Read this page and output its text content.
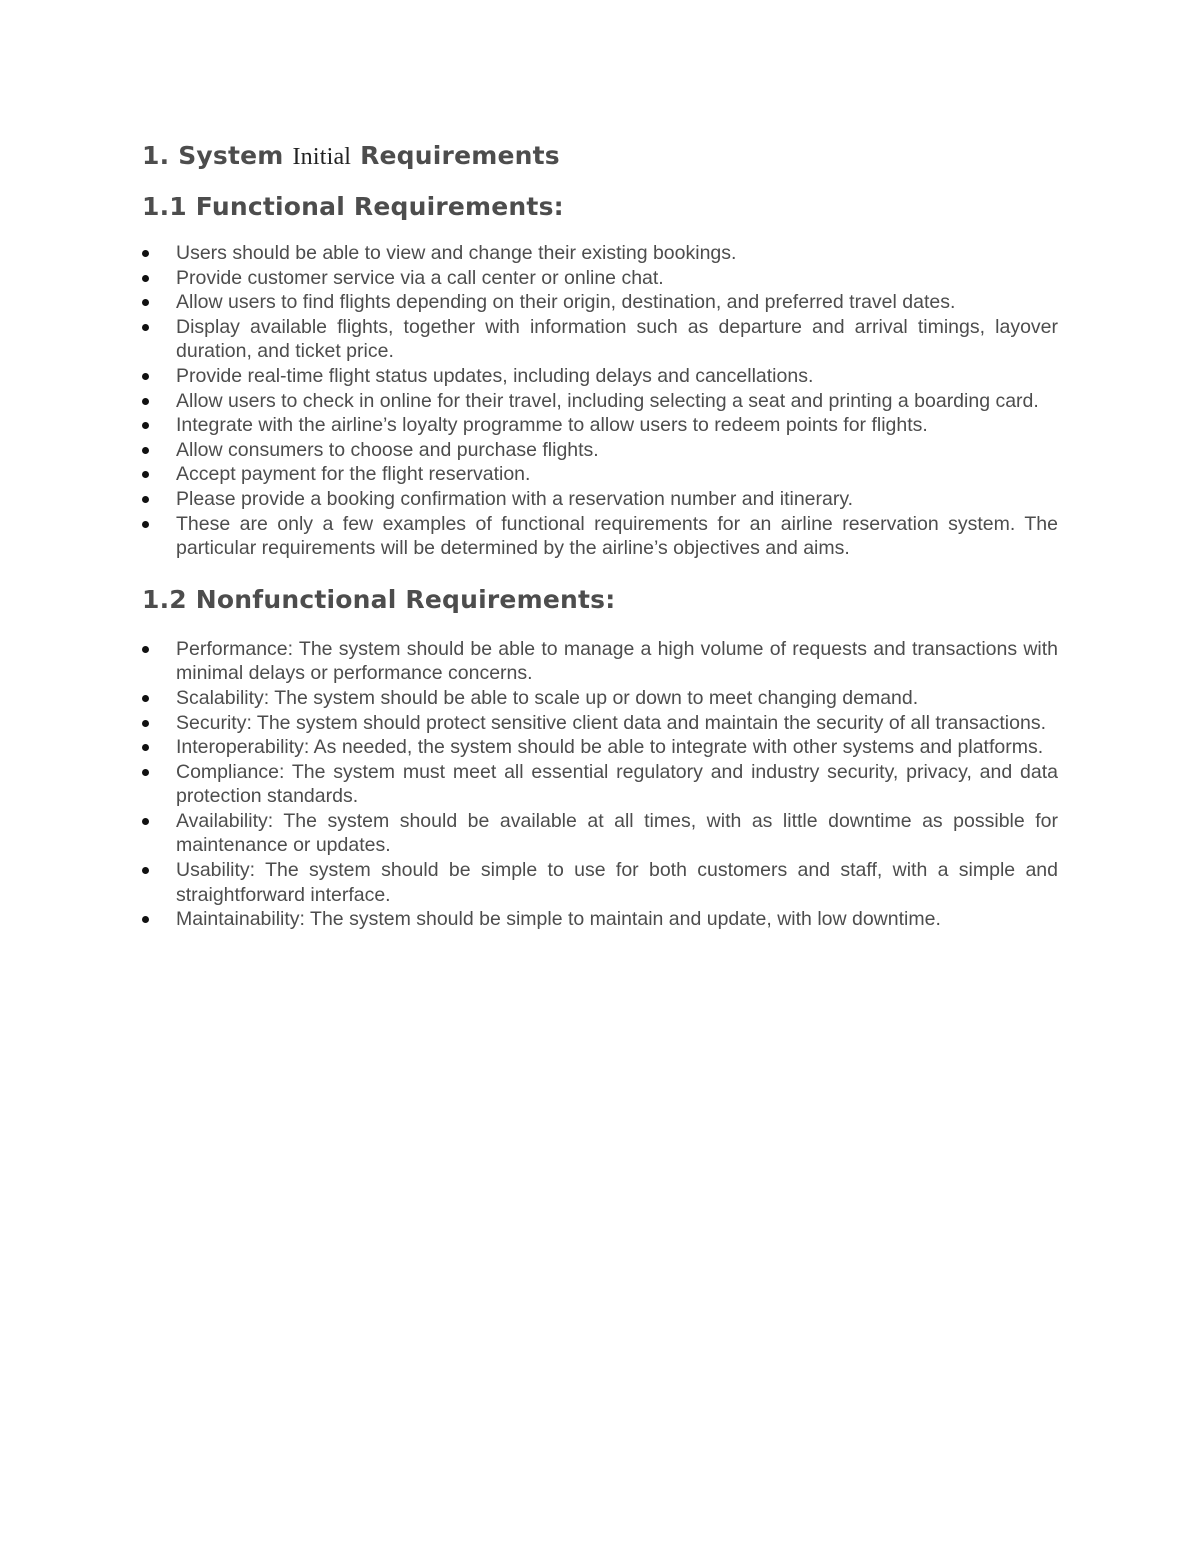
1. System Initial Requirements
1.1 Functional Requirements:
Users should be able to view and change their existing bookings.
Provide customer service via a call center or online chat.
Allow users to find flights depending on their origin, destination, and preferred travel dates.
Display available flights, together with information such as departure and arrival timings, layover duration, and ticket price.
Provide real-time flight status updates, including delays and cancellations.
Allow users to check in online for their travel, including selecting a seat and printing a boarding card.
Integrate with the airline’s loyalty programme to allow users to redeem points for flights.
Allow consumers to choose and purchase flights.
Accept payment for the flight reservation.
Please provide a booking confirmation with a reservation number and itinerary.
These are only a few examples of functional requirements for an airline reservation system. The particular requirements will be determined by the airline’s objectives and aims.
1.2 Nonfunctional Requirements:
Performance: The system should be able to manage a high volume of requests and transactions with minimal delays or performance concerns.
Scalability: The system should be able to scale up or down to meet changing demand.
Security: The system should protect sensitive client data and maintain the security of all transactions.
Interoperability: As needed, the system should be able to integrate with other systems and platforms.
Compliance: The system must meet all essential regulatory and industry security, privacy, and data protection standards.
Availability: The system should be available at all times, with as little downtime as possible for maintenance or updates.
Usability: The system should be simple to use for both customers and staff, with a simple and straightforward interface.
Maintainability: The system should be simple to maintain and update, with low downtime.
